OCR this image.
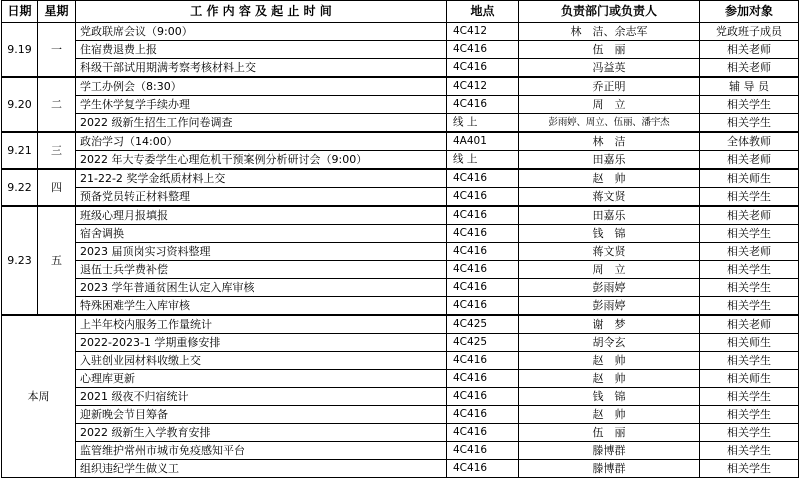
日期	星期	工 作 内 容 及 起 止 时 间	地点	负责部门或负责人	参加对象
9.19	一	党政联席会议（9:00）	4C412	林　洁、余志军	党政班子成员
		住宿费退费上报	4C416	伍　丽	相关老师
		科级干部试用期满考察考核材料上交	4C416	冯益英	相关老师
9.20	二	学工办例会（8:30）	4C412	乔正明	辅 导 员
		学生休学复学手续办理	4C416	周　立	相关学生
		2022 级新生招生工作问卷调查	线 上	彭雨婷、周立、伍丽、潘宇杰	相关学生
9.21	三	政治学习（14:00）	4A401	林　洁	全体教师
		2022 年大专委学生心理危机干预案例分析研讨会（9:00）	线 上	田嘉乐	相关老师
9.22	四	21-22-2 奖学金纸质材料上交	4C416	赵　帅	相关师生
		预备党员转正材料整理	4C416	蒋文贤	相关学生
9.23	五	班级心理月报填报	4C416	田嘉乐	相关老师
		宿舍调换	4C416	钱　锦	相关学生
		2023 届顶岗实习资料整理	4C416	蒋文贤	相关老师
		退伍士兵学费补偿	4C416	周　立	相关学生
		2023 学年普通贫困生认定入库审核	4C416	彭雨婷	相关学生
		特殊困难学生入库审核	4C416	彭雨婷	相关学生
本周		上半年校内服务工作量统计	4C425	谢　梦	相关老师
		2022-2023-1 学期重修安排	4C425	胡令玄	相关师生
		入驻创业园材料收缴上交	4C416	赵　帅	相关学生
		心理库更新	4C416	赵　帅	相关师生
		2021 级夜不归宿统计	4C416	钱　锦	相关学生
		迎新晚会节目筹备	4C416	赵　帅	相关学生
		2022 级新生入学教育安排	4C416	伍　丽	相关学生
		监管维护常州市城市免疫感知平台	4C416	滕博群	相关学生
		组织违纪学生做义工	4C416	滕博群	相关学生
